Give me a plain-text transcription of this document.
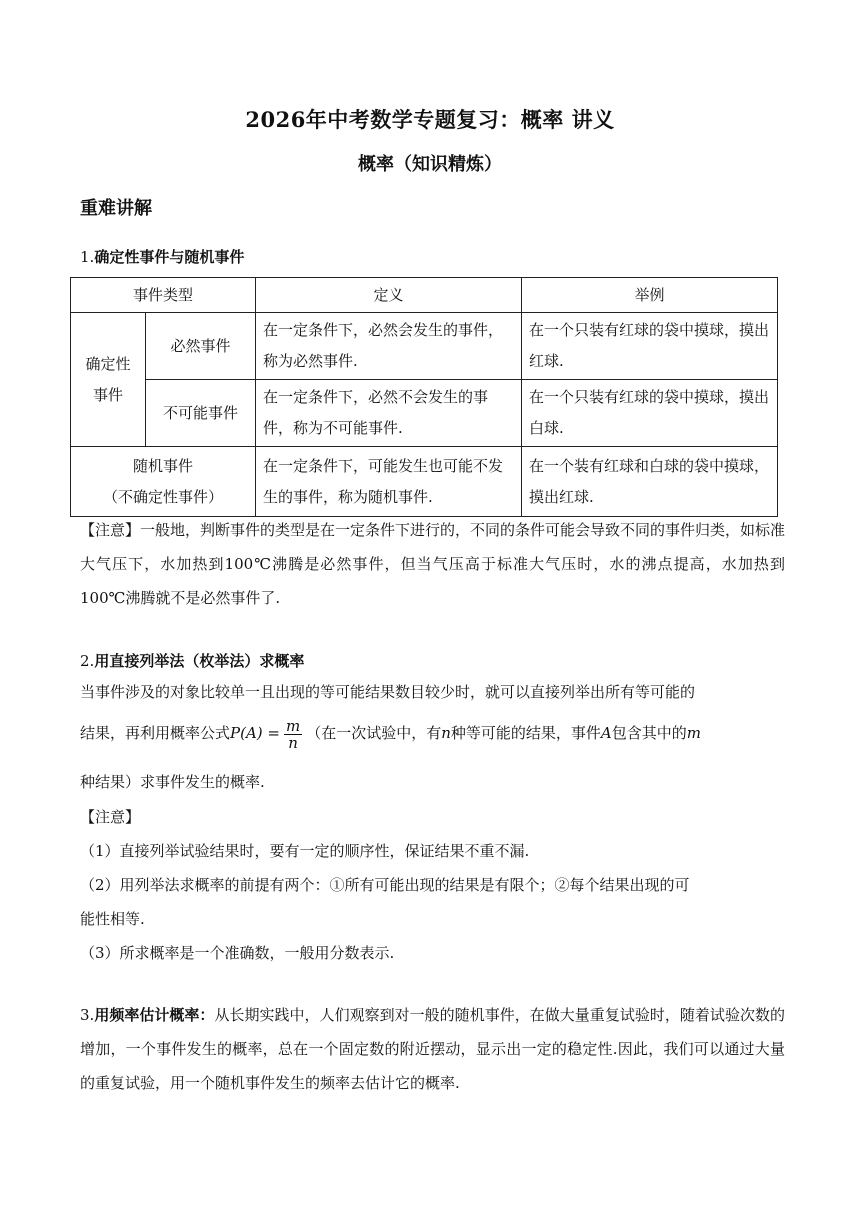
2026年中考数学专题复习：概率 讲义
概率（知识精炼）
重难讲解
1.确定性事件与随机事件
事件类型		定义	举例
确定性
事件	必然事件	在一定条件下，必然会发生的事件，称为必然事件.	在一个只装有红球的袋中摸球，摸出红球.
	不可能事件	在一定条件下，必然不会发生的事件，称为不可能事件.	在一个只装有红球的袋中摸球，摸出白球.
随机事件
（不确定性事件）		在一定条件下，可能发生也可能不发生的事件，称为随机事件.	在一个装有红球和白球的袋中摸球，摸出红球.
【注意】一般地，判断事件的类型是在一定条件下进行的，不同的条件可能会导致不同的事件归类，如标准大气压下，水加热到100℃沸腾是必然事件，但当气压高于标准大气压时，水的沸点提高，水加热到100℃沸腾就不是必然事件了.
2.用直接列举法（枚举法）求概率
当事件涉及的对象比较单一且出现的等可能结果数目较少时，就可以直接列举出所有等可能的
结果，再利用概率公式$P(A) = \frac{m}{n}$ （在一次试验中，有n种等可能的结果，事件A包含其中的m
种结果）求事件发生的概率.
【注意】
（1）直接列举试验结果时，要有一定的顺序性，保证结果不重不漏.
（2）用列举法求概率的前提有两个：①所有可能出现的结果是有限个；②每个结果出现的可
能性相等.
（3）所求概率是一个准确数，一般用分数表示.
3.用频率估计概率：从长期实践中，人们观察到对一般的随机事件，在做大量重复试验时，随着试验次数的增加，一个事件发生的概率，总在一个固定数的附近摆动，显示出一定的稳定性.因此，我们可以通过大量的重复试验，用一个随机事件发生的频率去估计它的概率.
